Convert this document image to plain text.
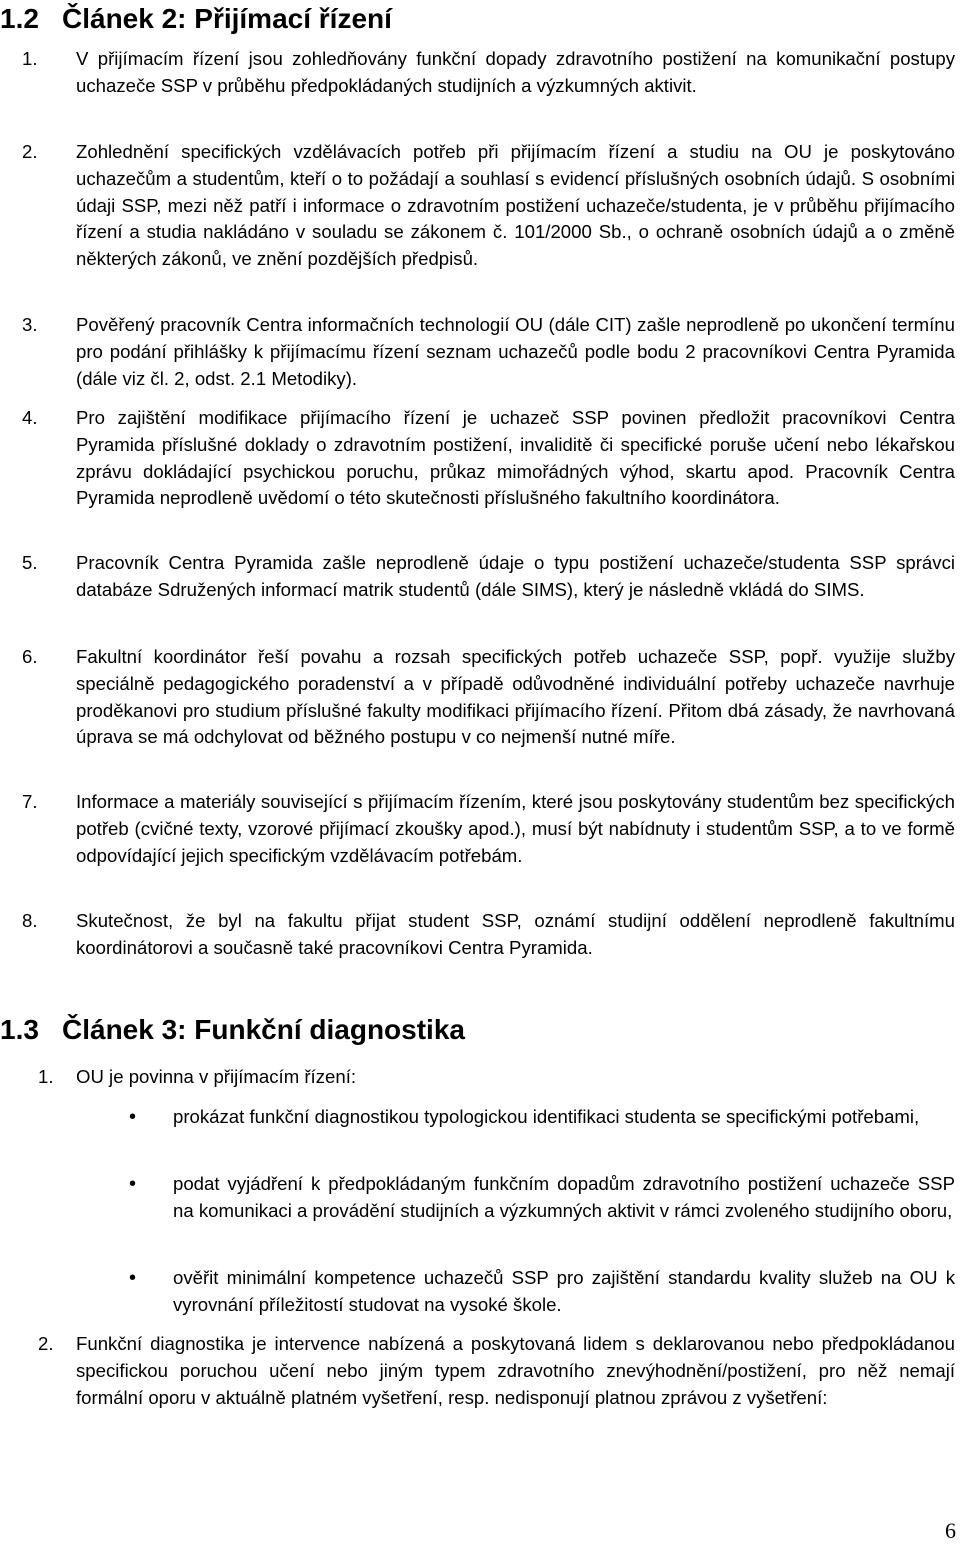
1.2 Článek 2: Přijímací řízení
1.	V přijímacím řízení jsou zohledňovány funkční dopady zdravotního postižení na komunikační postupy uchazeče SSP v průběhu předpokládaných studijních a výzkumných aktivit.
2.	Zohlednění specifických vzdělávacích potřeb při přijímacím řízení a studiu na OU je poskytováno uchazečům a studentům, kteří o to požádají a souhlasí s evidencí příslušných osobních údajů. S osobními údaji SSP, mezi něž patří i informace o zdravotním postižení uchazeče/studenta, je v průběhu přijímacího řízení a studia nakládáno v souladu se zákonem č. 101/2000 Sb., o ochraně osobních údajů a o změně některých zákonů, ve znění pozdějších předpisů.
3.	Pověřený pracovník Centra informačních technologií OU (dále CIT) zašle neprodleně po ukončení termínu pro podání přihlášky k přijímacímu řízení seznam uchazečů podle bodu 2 pracovníkovi Centra Pyramida (dále viz čl. 2, odst. 2.1 Metodiky).
4.	Pro zajištění modifikace přijímacího řízení je uchazeč SSP povinen předložit pracovníkovi Centra Pyramida příslušné doklady o zdravotním postižení, invaliditě či specifické poruše učení nebo lékařskou zprávu dokládající psychickou poruchu, průkaz mimořádných výhod, skartu apod. Pracovník Centra Pyramida neprodleně uvědomí o této skutečnosti příslušného fakultního koordinátora.
5.	Pracovník Centra Pyramida zašle neprodleně údaje o typu postižení uchazeče/studenta SSP správci databáze Sdružených informací matrik studentů (dále SIMS), který je následně vkládá do SIMS.
6.	Fakultní koordinátor řeší povahu a rozsah specifických potřeb uchazeče SSP, popř. využije služby speciálně pedagogického poradenství a v případě odůvodněné individuální potřeby uchazeče navrhuje proděkanovi pro studium příslušné fakulty modifikaci přijímacího řízení. Přitom dbá zásady, že navrhovaná úprava se má odchylovat od běžného postupu v co nejmenší nutné míře.
7.	Informace a materiály související s přijímacím řízením, které jsou poskytovány studentům bez specifických potřeb (cvičné texty, vzorové přijímací zkoušky apod.), musí být nabídnuty i studentům SSP, a to ve formě odpovídající jejich specifickým vzdělávacím potřebám.
8.	Skutečnost, že byl na fakultu přijat student SSP, oznámí studijní oddělení neprodleně fakultnímu koordinátorovi a současně také pracovníkovi Centra Pyramida.
1.3 Článek 3: Funkční diagnostika
1.	OU je povinna v přijímacím řízení:
• prokázat funkční diagnostikou typologickou identifikaci studenta se specifickými potřebami,
• podat vyjádření k předpokládaným funkčním dopadům zdravotního postižení uchazeče SSP na komunikaci a provádění studijních a výzkumných aktivit v rámci zvoleného studijního oboru,
• ověřit minimální kompetence uchazečů SSP pro zajištění standardu kvality služeb na OU k vyrovnání příležitostí studovat na vysoké škole.
2.	Funkční diagnostika je intervence nabízená a poskytovaná lidem s deklarovanou nebo předpokládanou specifickou poruchou učení nebo jiným typem zdravotního znevýhodnění/postižení, pro něž nemají formální oporu v aktuálně platném vyšetření, resp. nedisponují platnou zprávou z vyšetření:
6
